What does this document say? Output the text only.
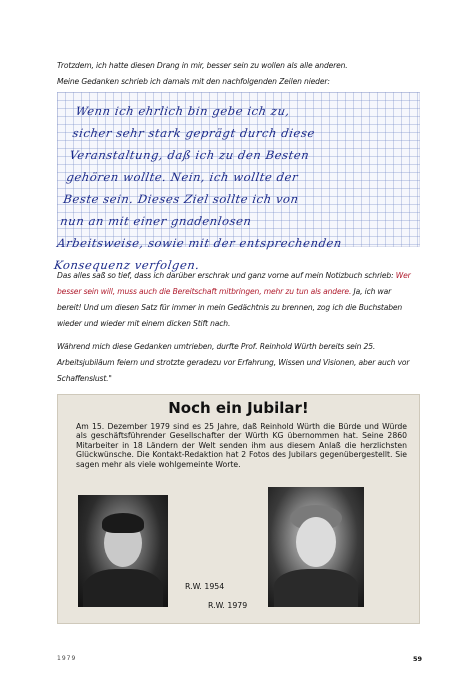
Trotzdem, ich hatte diesen Drang in mir, besser sein zu wollen als alle anderen.
Meine Gedanken schrieb ich damals mit den nachfolgenden Zeilen nieder:

Wenn ich ehrlich bin gebe ich zu,
sicher sehr stark geprägt durch diese
Veranstaltung, daß ich zu den Besten
gehören wollte. Nein, ich wollte der
Beste sein. Dieses Ziel sollte ich von
nun an mit einer gnadenlosen
Arbeitsweise, sowie mit der entsprechenden
Konsequenz verfolgen.

Das alles saß so tief, dass ich darüber erschrak und ganz vorne auf mein Notizbuch schrieb: Wer besser sein will, muss auch die Bereitschaft mitbringen, mehr zu tun als andere. Ja, ich war bereit! Und um diesen Satz für immer in mein Gedächtnis zu brennen, zog ich die Buchstaben wieder und wieder mit einem dicken Stift nach.

Während mich diese Gedanken umtrieben, durfte Prof. Reinhold Würth bereits sein 25. Arbeitsjubiläum feiern und strotzte geradezu vor Erfahrung, Wissen und Visionen, aber auch vor Schaffenslust."

Noch ein Jubilar!

Am 15. Dezember 1979 sind es 25 Jahre, daß Reinhold Würth die Bürde und Würde als geschäftsführender Gesellschafter der Würth KG übernommen hat. Seine 2860 Mitarbeiter in 18 Ländern der Welt senden ihm aus diesem Anlaß die herzlichsten Glückwünsche. Die Kontakt-Redaktion hat 2 Fotos des Jubilars gegenübergestellt. Sie sagen mehr als viele wohlgemeinte Worte.

R.W. 1954
R.W. 1979
1979	59
